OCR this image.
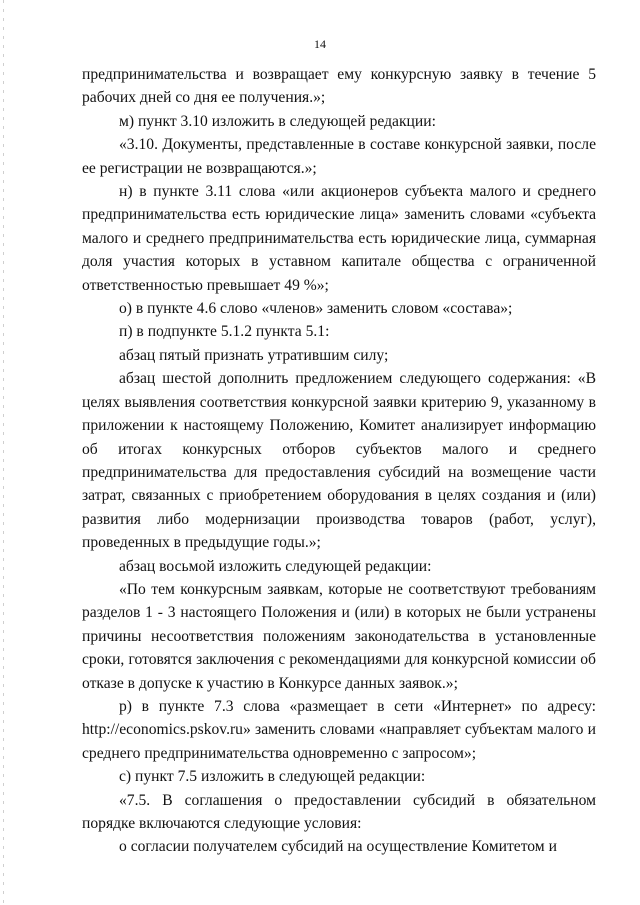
14

предпринимательства и возвращает ему конкурсную заявку в течение 5 рабочих дней со дня ее получения.»;

м) пункт 3.10 изложить в следующей редакции:

«3.10. Документы, представленные в составе конкурсной заявки, после ее регистрации не возвращаются.»;

н) в пункте 3.11 слова «или акционеров субъекта малого и среднего предпринимательства есть юридические лица» заменить словами «субъекта малого и среднего предпринимательства есть юридические лица, суммарная доля участия которых в уставном капитале общества с ограниченной ответственностью превышает 49 %»;

о) в пункте 4.6 слово «членов» заменить словом «состава»;

п) в подпункте 5.1.2 пункта 5.1:

абзац пятый признать утратившим силу;

абзац шестой дополнить предложением следующего содержания: «В целях выявления соответствия конкурсной заявки критерию 9, указанному в приложении к настоящему Положению, Комитет анализирует информацию об итогах конкурсных отборов субъектов малого и среднего предпринимательства для предоставления субсидий на возмещение части затрат, связанных с приобретением оборудования в целях создания и (или) развития либо модернизации производства товаров (работ, услуг), проведенных в предыдущие годы.»;

абзац восьмой изложить следующей редакции:

«По тем конкурсным заявкам, которые не соответствуют требованиям разделов 1 - 3 настоящего Положения и (или) в которых не были устранены причины несоответствия положениям законодательства в установленные сроки, готовятся заключения с рекомендациями для конкурсной комиссии об отказе в допуске к участию в Конкурсе данных заявок.»;

р) в пункте 7.3 слова «размещает в сети «Интернет» по адресу: http://economics.pskov.ru» заменить словами «направляет субъектам малого и среднего предпринимательства одновременно с запросом»;

с) пункт 7.5 изложить в следующей редакции:

«7.5. В соглашения о предоставлении субсидий в обязательном порядке включаются следующие условия:

о согласии получателем субсидий на осуществление Комитетом и
